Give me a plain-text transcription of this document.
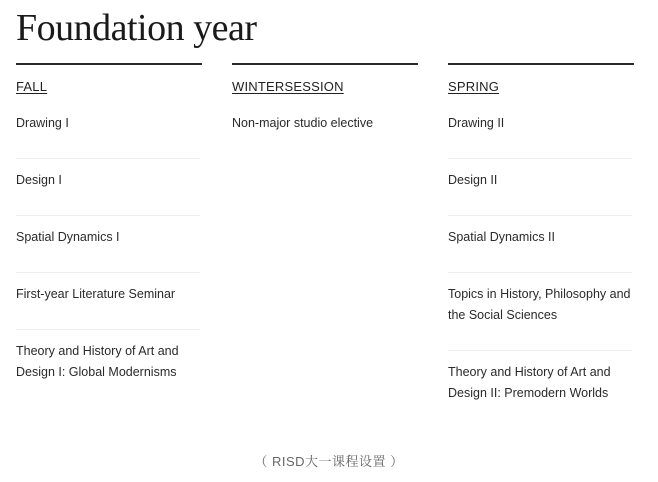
Foundation year
FALL
Drawing I
Design I
Spatial Dynamics I
First-year Literature Seminar
Theory and History of Art and Design I: Global Modernisms
WINTERSESSION
Non-major studio elective
SPRING
Drawing II
Design II
Spatial Dynamics II
Topics in History, Philosophy and the Social Sciences
Theory and History of Art and Design II: Premodern Worlds
（ RISD大一课程设置 ）
